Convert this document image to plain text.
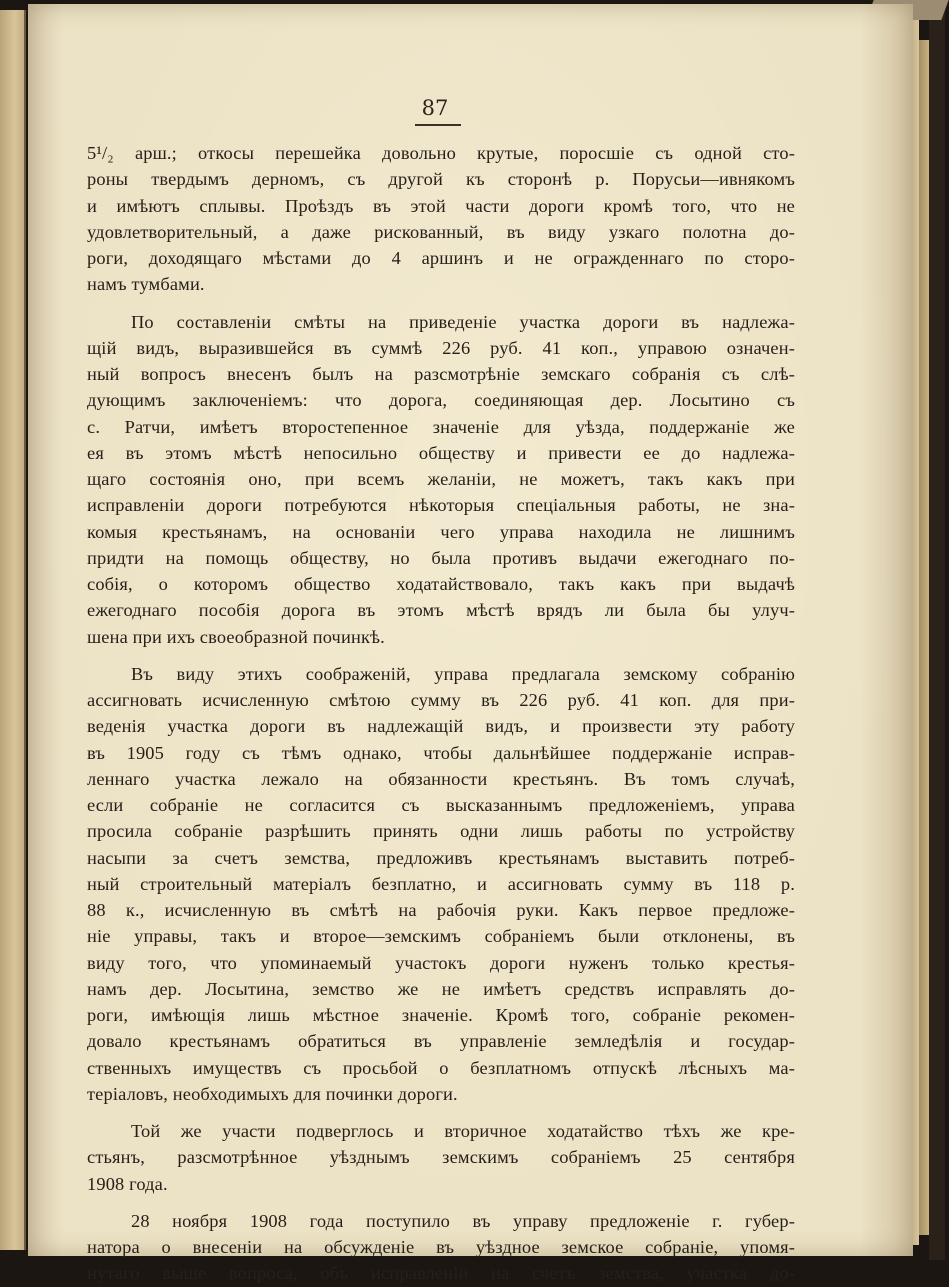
87

5¹/₂ арш.; откосы перешейка довольно крутые, поросшіе съ одной сто-
роны твердымъ дерномъ, съ другой къ сторонѣ р. Порусьи—ивнякомъ
и имѣютъ сплывы. Проѣздъ въ этой части дороги кромѣ того, что не
удовлетворительный, а даже рискованный, въ виду узкаго полотна до-
роги, доходящаго мѣстами до 4 аршинъ и не огражденнаго по сторо-
намъ тумбами.

По составленіи смѣты на приведеніе участка дороги въ надлежа-
щій видъ, выразившейся въ суммѣ 226 руб. 41 коп., управою означен-
ный вопросъ внесенъ былъ на разсмотрѣніе земскаго собранія съ слѣ-
дующимъ заключеніемъ: что дорога, соединяющая дер. Лосытино съ
с. Ратчи, имѣетъ второстепенное значеніе для уѣзда, поддержаніе же
ея въ этомъ мѣстѣ непосильно обществу и привести ее до надлежа-
щаго состоянія оно, при всемъ желаніи, не можетъ, такъ какъ при
исправленіи дороги потребуются нѣкоторыя спеціальныя работы, не зна-
комыя крестьянамъ, на основаніи чего управа находила не лишнимъ
придти на помощь обществу, но была противъ выдачи ежегоднаго по-
собія, о которомъ общество ходатайствовало, такъ какъ при выдачѣ
ежегоднаго пособія дорога въ этомъ мѣстѣ врядъ ли была бы улуч-
шена при ихъ своеобразной починкѣ.

Въ виду этихъ соображеній, управа предлагала земскому собранію
ассигновать исчисленную смѣтою сумму въ 226 руб. 41 коп. для при-
веденія участка дороги въ надлежащій видъ, и произвести эту работу
въ 1905 году съ тѣмъ однако, чтобы дальнѣйшее поддержаніе исправ-
леннаго участка лежало на обязанности крестьянъ. Въ томъ случаѣ,
если собраніе не согласится съ высказаннымъ предложеніемъ, управа
просила собраніе разрѣшить принять одни лишь работы по устройству
насыпи за счетъ земства, предложивъ крестьянамъ выставить потреб-
ный строительный матеріалъ безплатно, и ассигновать сумму въ 118 р.
88 к., исчисленную въ смѣтѣ на рабочія руки. Какъ первое предложе-
ніе управы, такъ и второе—земскимъ собраніемъ были отклонены, въ
виду того, что упоминаемый участокъ дороги нуженъ только крестья-
намъ дер. Лосытина, земство же не имѣетъ средствъ исправлять до-
роги, имѣющія лишь мѣстное значеніе. Кромѣ того, собраніе рекомен-
довало крестьянамъ обратиться въ управленіе земледѣлія и государ-
ственныхъ имуществъ съ просьбой о безплатномъ отпускѣ лѣсныхъ ма-
теріаловъ, необходимыхъ для починки дороги.

Той же участи подверглось и вторичное ходатайство тѣхъ же кре-
стьянъ, разсмотрѣнное уѣзднымъ земскимъ собраніемъ 25 сентября
1908 года.

28 ноября 1908 года поступило въ управу предложеніе г. губер-
натора о внесеніи на обсужденіе въ уѣздное земское собраніе, упомя-
нутаго выше вопроса, объ исправленіи на счетъ земства, участка до-
